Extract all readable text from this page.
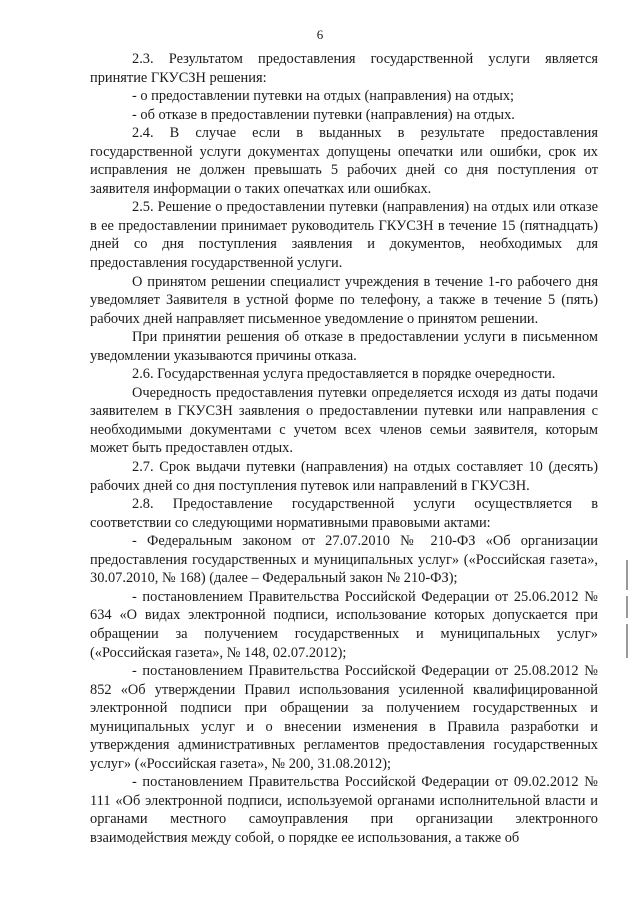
6

2.3. Результатом предоставления государственной услуги является принятие ГКУСЗН решения:

- о предоставлении путевки на отдых (направления) на отдых;

- об отказе в предоставлении путевки (направления) на отдых.

2.4. В случае если в выданных в результате предоставления государственной услуги документах допущены опечатки или ошибки, срок их исправления не должен превышать 5 рабочих дней со дня поступления от заявителя информации о таких опечатках или ошибках.

2.5. Решение о предоставлении путевки (направления) на отдых или отказе в ее предоставлении принимает руководитель ГКУСЗН в течение 15 (пятнадцать) дней со дня поступления заявления и документов, необходимых для предоставления государственной услуги.

О принятом решении специалист учреждения в течение 1-го рабочего дня уведомляет Заявителя в устной форме по телефону, а также в течение 5 (пять) рабочих дней направляет письменное уведомление о принятом решении.

При принятии решения об отказе в предоставлении услуги в письменном уведомлении указываются причины отказа.

2.6. Государственная услуга предоставляется в порядке очередности.

Очередность предоставления путевки определяется исходя из даты подачи заявителем в ГКУСЗН заявления о предоставлении путевки или направления с необходимыми документами с учетом всех членов семьи заявителя, которым может быть предоставлен отдых.

2.7. Срок выдачи путевки (направления) на отдых составляет 10 (десять) рабочих дней со дня поступления путевок или направлений в ГКУСЗН.

2.8. Предоставление государственной услуги осуществляется в соответствии со следующими нормативными правовыми актами:

- Федеральным законом от 27.07.2010 № 210-ФЗ «Об организации предоставления государственных и муниципальных услуг» («Российская газета», 30.07.2010, № 168) (далее – Федеральный закон № 210-ФЗ);

- постановлением Правительства Российской Федерации от 25.06.2012 № 634 «О видах электронной подписи, использование которых допускается при обращении за получением государственных и муниципальных услуг» («Российская газета», № 148, 02.07.2012);

- постановлением Правительства Российской Федерации от 25.08.2012 № 852 «Об утверждении Правил использования усиленной квалифицированной электронной подписи при обращении за получением государственных и муниципальных услуг и о внесении изменения в Правила разработки и утверждения административных регламентов предоставления государственных услуг» («Российская газета», № 200, 31.08.2012);

- постановлением Правительства Российской Федерации от 09.02.2012 № 111 «Об электронной подписи, используемой органами исполнительной власти и органами местного самоуправления при организации электронного взаимодействия между собой, о порядке ее использования, а также об
